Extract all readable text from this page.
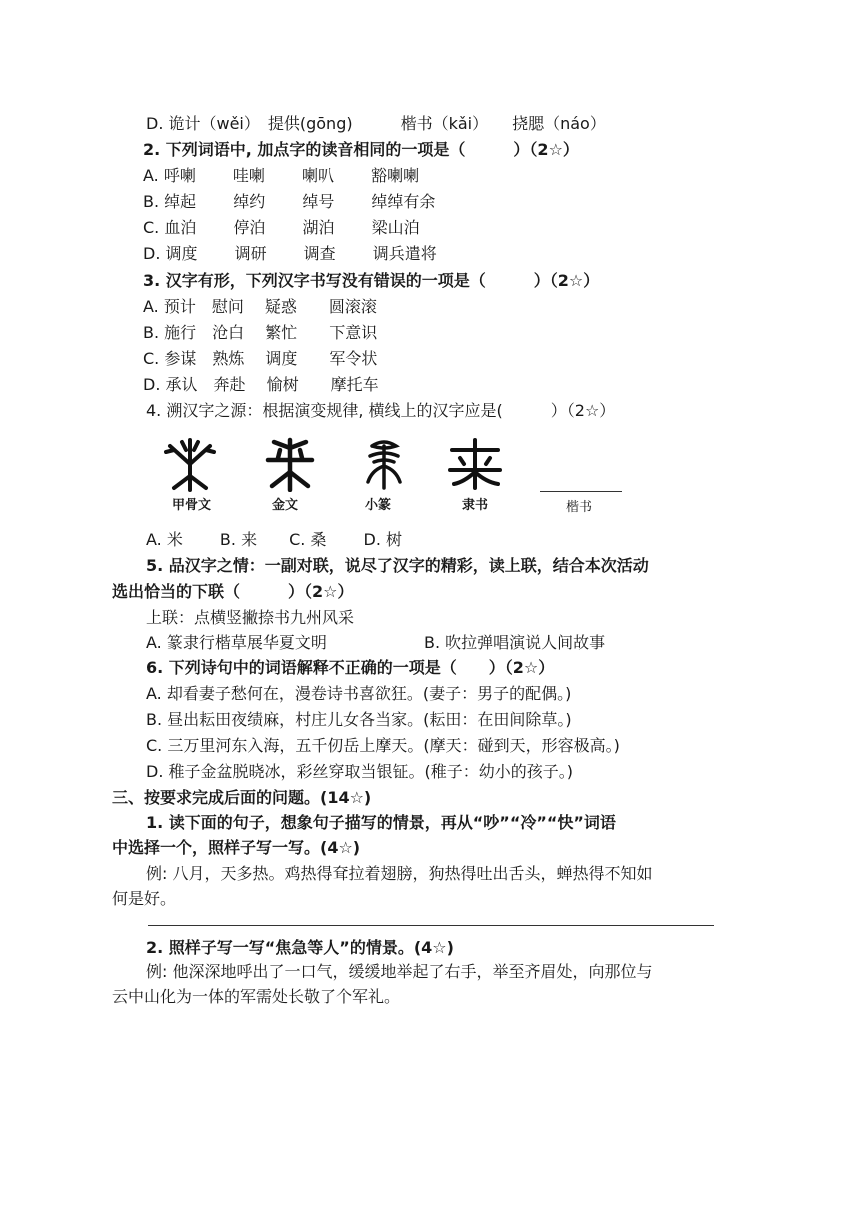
D. 诡计（wěi）　提供(gōng)　　　楷书（kǎi）　　挠腮（náo）
2. 下列词语中, 加点字的读音相同的一项是（　　　）（2☆）
A. 呼喇　　 哇喇　　 喇叭　　 豁喇喇
B. 绰起　　 绰约　　 绰号　　 绰绰有余
C. 血泊　　 停泊　　 湖泊　　 梁山泊
D. 调度　　 调研　　 调查　　 调兵遣将
3. 汉字有形，下列汉字书写没有错误的一项是（　　　）（2☆）
A. 预计　慰问　 疑惑　　圆滚滚
B. 施行　沧白　 繁忙　　下意识
C. 参谋　熟炼　 调度　　军令状
D. 承认　奔赴　 愉树　　摩托车
4. 溯汉字之源：根据演变规律, 横线上的汉字应是(　　　）（2☆）
甲骨文	金文	小篆	隶书	楷书
A. 米　　 B. 来　　C. 桑　　 D. 树
5. 品汉字之情：一副对联，说尽了汉字的精彩，读上联，结合本次活动
选出恰当的下联（　　　）（2☆）
上联：点横竖撇捺书九州风采
A. 篆隶行楷草展华夏文明	B. 吹拉弹唱演说人间故事
6. 下列诗句中的词语解释不正确的一项是（　　）（2☆）
A. 却看妻子愁何在，漫卷诗书喜欲狂。(妻子：男子的配偶。)
B. 昼出耘田夜绩麻，村庄儿女各当家。(耘田：在田间除草。)
C. 三万里河东入海，五千仞岳上摩天。(摩天：碰到天，形容极高。)
D. 稚子金盆脱晓冰，彩丝穿取当银钲。(稚子：幼小的孩子。)
三、按要求完成后面的问题。(14☆)
1. 读下面的句子，想象句子描写的情景，再从“吵”“冷”“快”词语
中选择一个，照样子写一写。(4☆)
例: 八月，天多热。鸡热得耷拉着翅膀，狗热得吐出舌头，蝉热得不知如
何是好。
2. 照样子写一写“焦急等人”的情景。(4☆)
例: 他深深地呼出了一口气，缓缓地举起了右手，举至齐眉处，向那位与
云中山化为一体的军需处长敬了个军礼。
